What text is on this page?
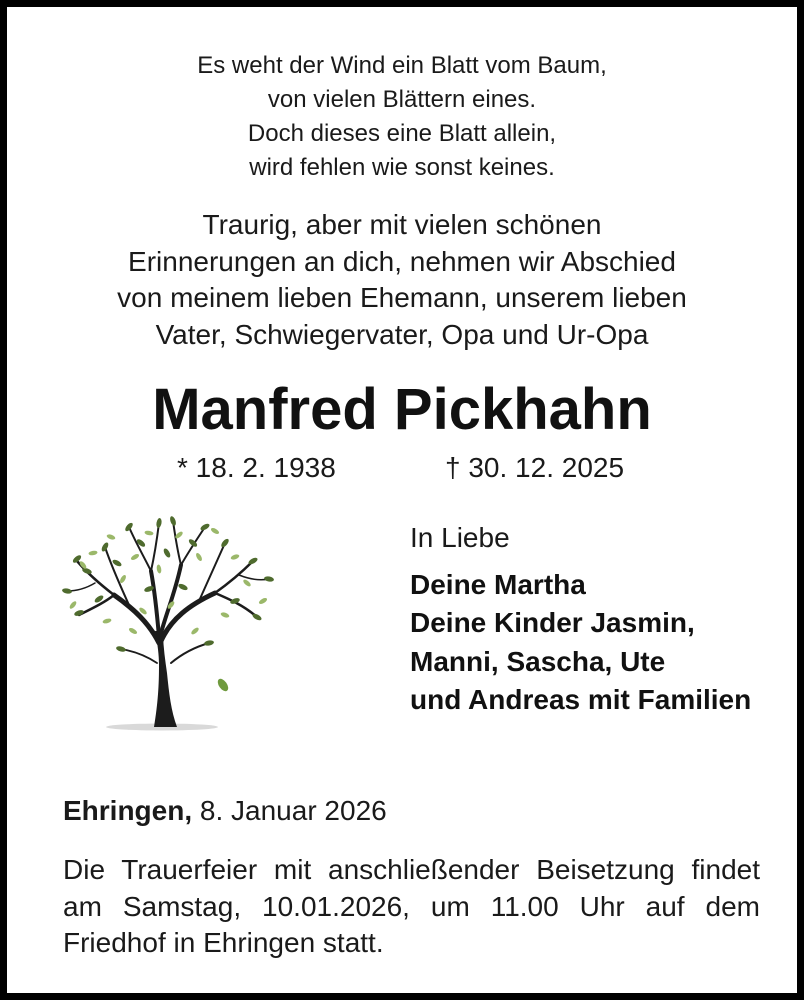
Es weht der Wind ein Blatt vom Baum,
von vielen Blättern eines.
Doch dieses eine Blatt allein,
wird fehlen wie sonst keines.
Traurig, aber mit vielen schönen
Erinnerungen an dich, nehmen wir Abschied
von meinem lieben Ehemann, unserem lieben
Vater, Schwiegervater, Opa und Ur-Opa
Manfred Pickhahn
* 18. 2. 1938	† 30. 12. 2025
In Liebe
Deine Martha
Deine Kinder Jasmin,
Manni, Sascha, Ute
und Andreas mit Familien
Ehringen, 8. Januar 2026
Die Trauerfeier mit anschließender Beisetzung findet
am Samstag, 10.01.2026, um 11.00 Uhr auf dem
Friedhof in Ehringen statt.
